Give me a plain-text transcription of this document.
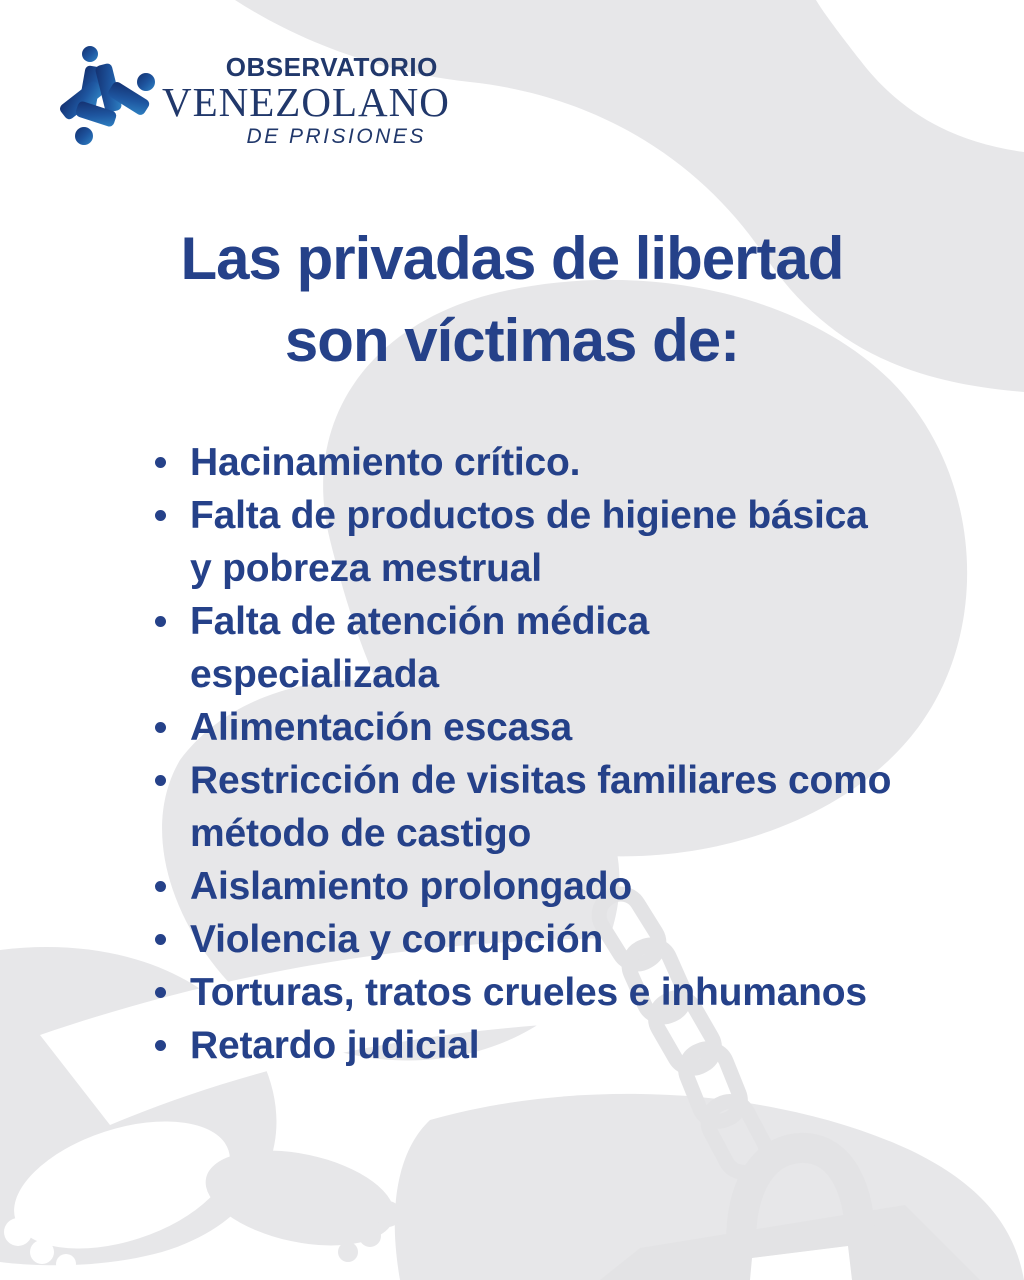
OBSERVATORIO
VENEZOLANO
DE PRISIONES
Las privadas de libertad
son víctimas de:
Hacinamiento crítico.
Falta de productos de higiene básica y pobreza mestrual
Falta de atención médica especializada
Alimentación escasa
Restricción de visitas familiares como método de castigo
Aislamiento prolongado
Violencia y corrupción
Torturas, tratos crueles e inhumanos
Retardo judicial
